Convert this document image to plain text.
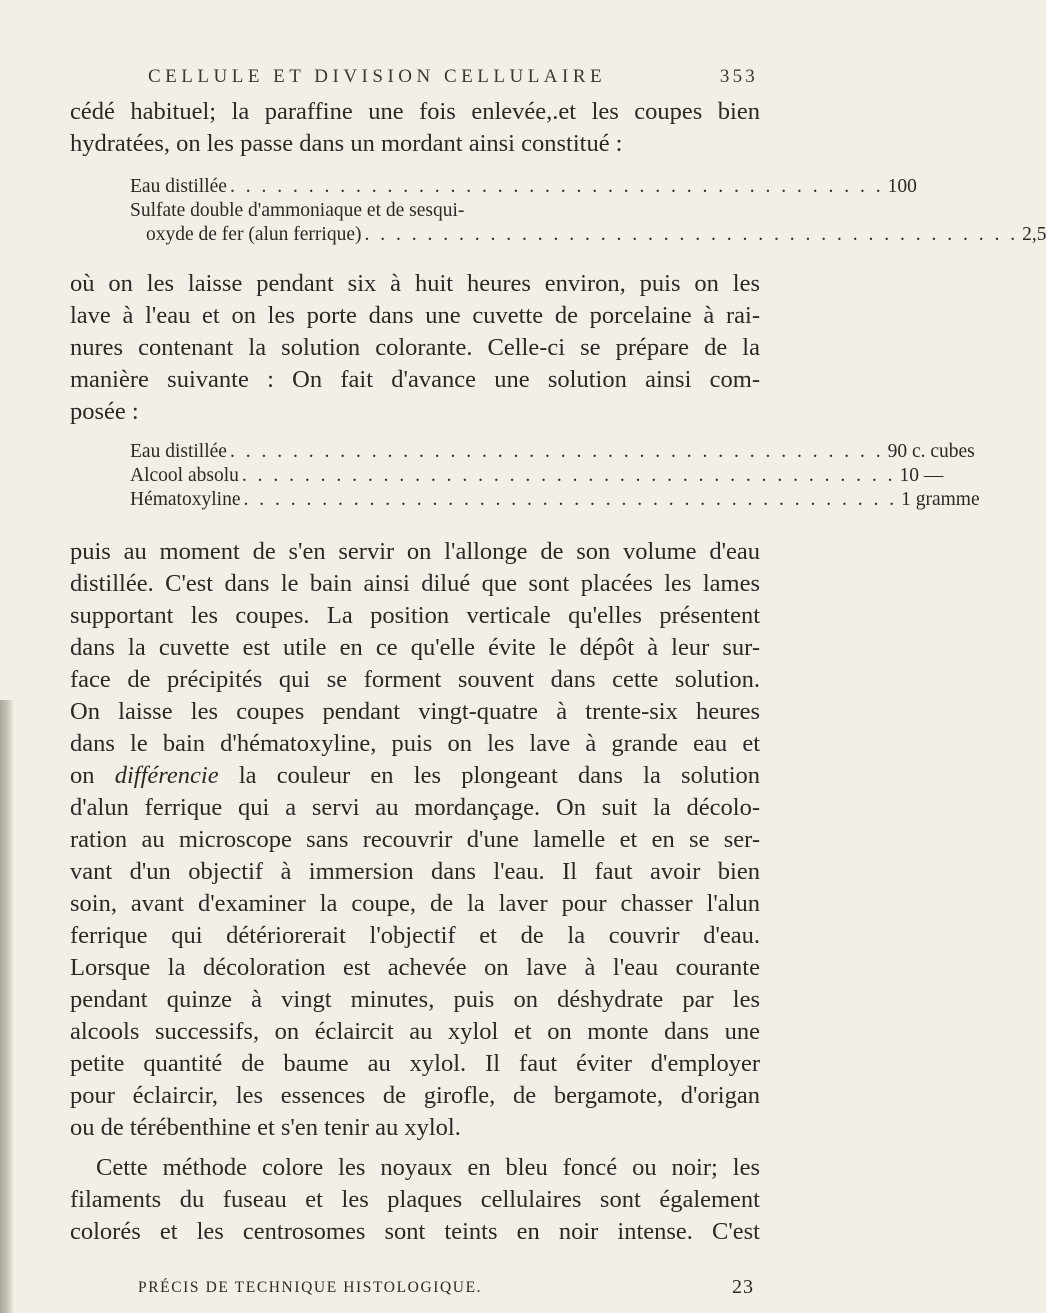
CELLULE ET DIVISION CELLULAIRE	353
cédé habituel; la paraffine une fois enlevée,.et les coupes bien
hydratées, on les passe dans un mordant ainsi constitué :
Eau distillée . . . . . . . . . . . . . . . . . . . . . . . . . . . . . . . . . . . . . . . . . . 100
Sulfate double d'ammoniaque et de sesqui-
oxyde de fer (alun ferrique) . . . . . . . . . . . . . . . . . . . . . . . . . . . . . . . . . . . . . . . . . . 2,5
où on les laisse pendant six à huit heures environ, puis on les
lave à l'eau et on les porte dans une cuvette de porcelaine à rai-
nures contenant la solution colorante. Celle-ci se prépare de la
manière suivante : On fait d'avance une solution ainsi com-
posée :
Eau distillée . . . . . . . . . . . . . . . . . . . . . . . . . . . . . . . . . . . . . . . . . . 90 c. cubes
Alcool absolu . . . . . . . . . . . . . . . . . . . . . . . . . . . . . . . . . . . . . . . . . . 10 —
Hématoxyline . . . . . . . . . . . . . . . . . . . . . . . . . . . . . . . . . . . . . . . . . . 1 gramme
puis au moment de s'en servir on l'allonge de son volume d'eau
distillée. C'est dans le bain ainsi dilué que sont placées les lames
supportant les coupes. La position verticale qu'elles présentent
dans la cuvette est utile en ce qu'elle évite le dépôt à leur sur-
face de précipités qui se forment souvent dans cette solution.
On laisse les coupes pendant vingt-quatre à trente-six heures
dans le bain d'hématoxyline, puis on les lave à grande eau et
on différencie la couleur en les plongeant dans la solution
d'alun ferrique qui a servi au mordançage. On suit la décolo-
ration au microscope sans recouvrir d'une lamelle et en se ser-
vant d'un objectif à immersion dans l'eau. Il faut avoir bien
soin, avant d'examiner la coupe, de la laver pour chasser l'alun
ferrique qui détériorerait l'objectif et de la couvrir d'eau.
Lorsque la décoloration est achevée on lave à l'eau courante
pendant quinze à vingt minutes, puis on déshydrate par les
alcools successifs, on éclaircit au xylol et on monte dans une
petite quantité de baume au xylol. Il faut éviter d'employer
pour éclaircir, les essences de girofle, de bergamote, d'origan
ou de térébenthine et s'en tenir au xylol.
Cette méthode colore les noyaux en bleu foncé ou noir; les
filaments du fuseau et les plaques cellulaires sont également
colorés et les centrosomes sont teints en noir intense. C'est
PRÉCIS DE TECHNIQUE HISTOLOGIQUE.	23
